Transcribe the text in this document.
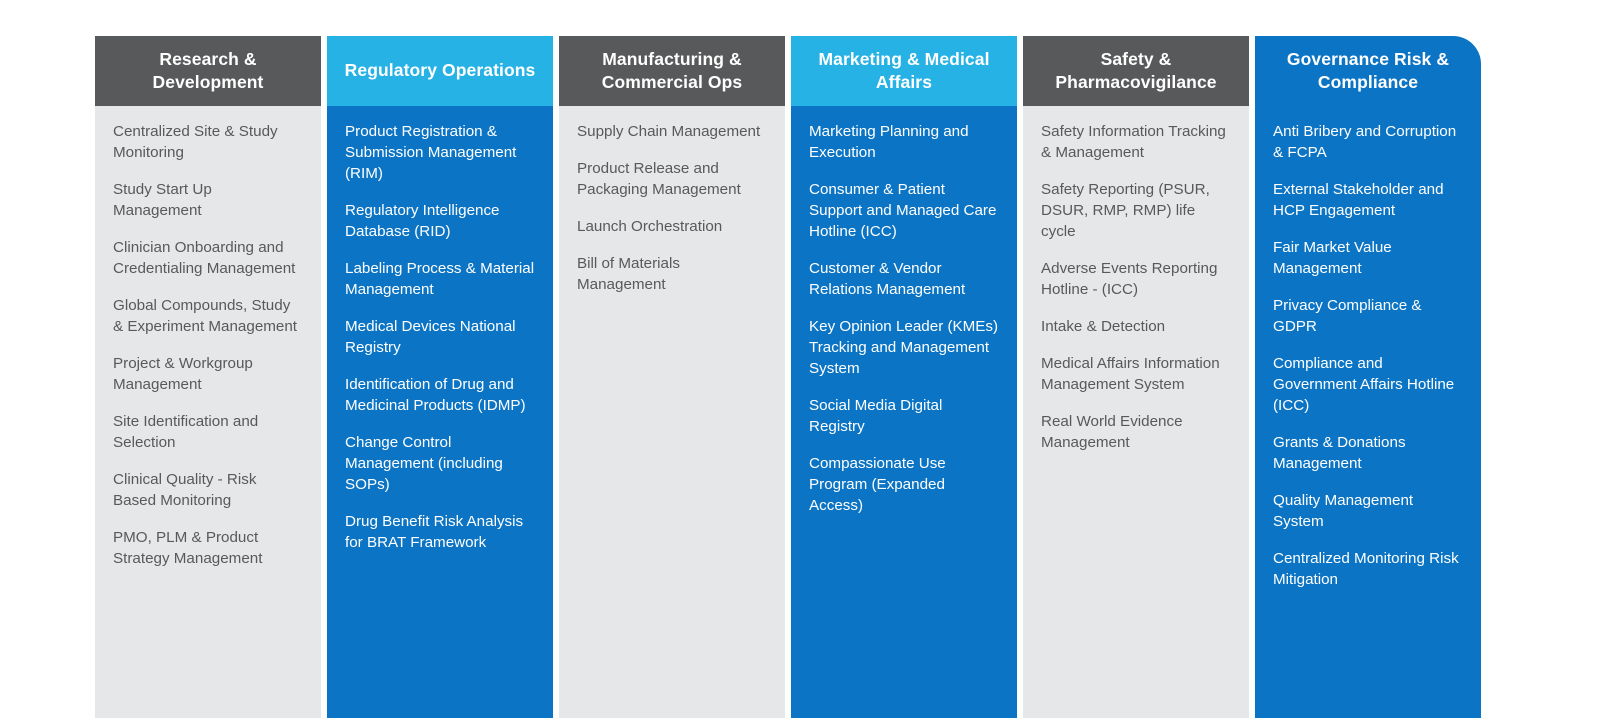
Research & Development
Centralized Site & Study Monitoring
Study Start Up Management
Clinician Onboarding and Credentialing Management
Global Compounds, Study & Experiment Management
Project & Workgroup Management
Site Identification and Selection
Clinical Quality - Risk Based Monitoring
PMO, PLM & Product Strategy Management
Regulatory Operations
Product Registration & Submission Management (RIM)
Regulatory Intelligence Database (RID)
Labeling Process & Material Management
Medical Devices National Registry
Identification of Drug and Medicinal Products (IDMP)
Change Control Management (including SOPs)
Drug Benefit Risk Analysis for BRAT Framework
Manufacturing & Commercial Ops
Supply Chain Management
Product Release and Packaging Management
Launch Orchestration
Bill of Materials Management
Marketing & Medical Affairs
Marketing Planning and Execution
Consumer & Patient Support and Managed Care Hotline (ICC)
Customer & Vendor Relations Management
Key Opinion Leader (KMEs) Tracking and Management System
Social Media Digital Registry
Compassionate Use Program (Expanded Access)
Safety & Pharmacovigilance
Safety Information Tracking & Management
Safety Reporting (PSUR, DSUR, RMP, RMP) life cycle
Adverse Events Reporting Hotline - (ICC)
Intake & Detection
Medical Affairs Information Management System
Real World Evidence Management
Governance Risk & Compliance
Anti Bribery and Corruption & FCPA
External Stakeholder and HCP Engagement
Fair Market Value Management
Privacy Compliance & GDPR
Compliance and Government Affairs Hotline (ICC)
Grants & Donations Management
Quality Management System
Centralized Monitoring Risk Mitigation
